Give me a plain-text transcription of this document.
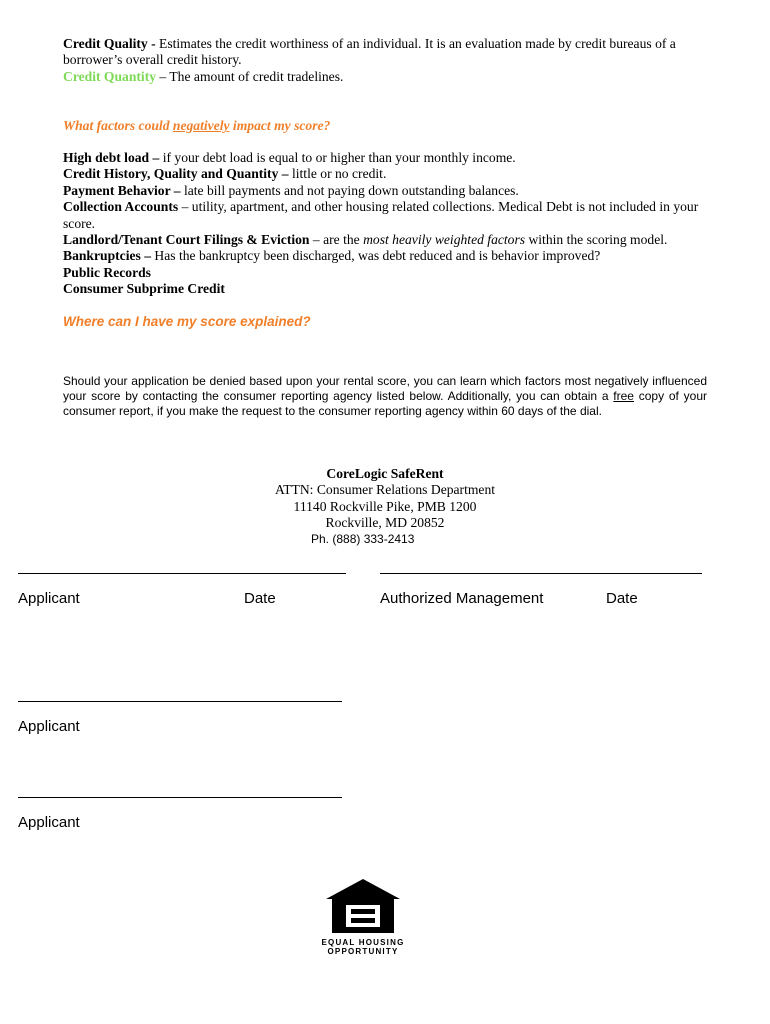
Credit Quality - Estimates the credit worthiness of an individual. It is an evaluation made by credit bureaus of a borrower’s overall credit history.
Credit Quantity – The amount of credit tradelines.
What factors could negatively impact my score?
High debt load – if your debt load is equal to or higher than your monthly income.
Credit History, Quality and Quantity – little or no credit.
Payment Behavior – late bill payments and not paying down outstanding balances.
Collection Accounts – utility, apartment, and other housing related collections. Medical Debt is not included in your score.
Landlord/Tenant Court Filings & Eviction – are the most heavily weighted factors within the scoring model.
Bankruptcies – Has the bankruptcy been discharged, was debt reduced and is behavior improved?
Public Records
Consumer Subprime Credit
Where can I have my score explained?
Should your application be denied based upon your rental score, you can learn which factors most negatively influenced your score by contacting the consumer reporting agency listed below. Additionally, you can obtain a free copy of your consumer report, if you make the request to the consumer reporting agency within 60 days of the dial.
CoreLogic SafeRent
ATTN: Consumer Relations Department
11140 Rockville Pike, PMB 1200
Rockville, MD 20852
Ph. (888) 333-2413
Applicant	Date	Authorized Management	Date
Applicant
Applicant
EQUAL HOUSING
OPPORTUNITY
